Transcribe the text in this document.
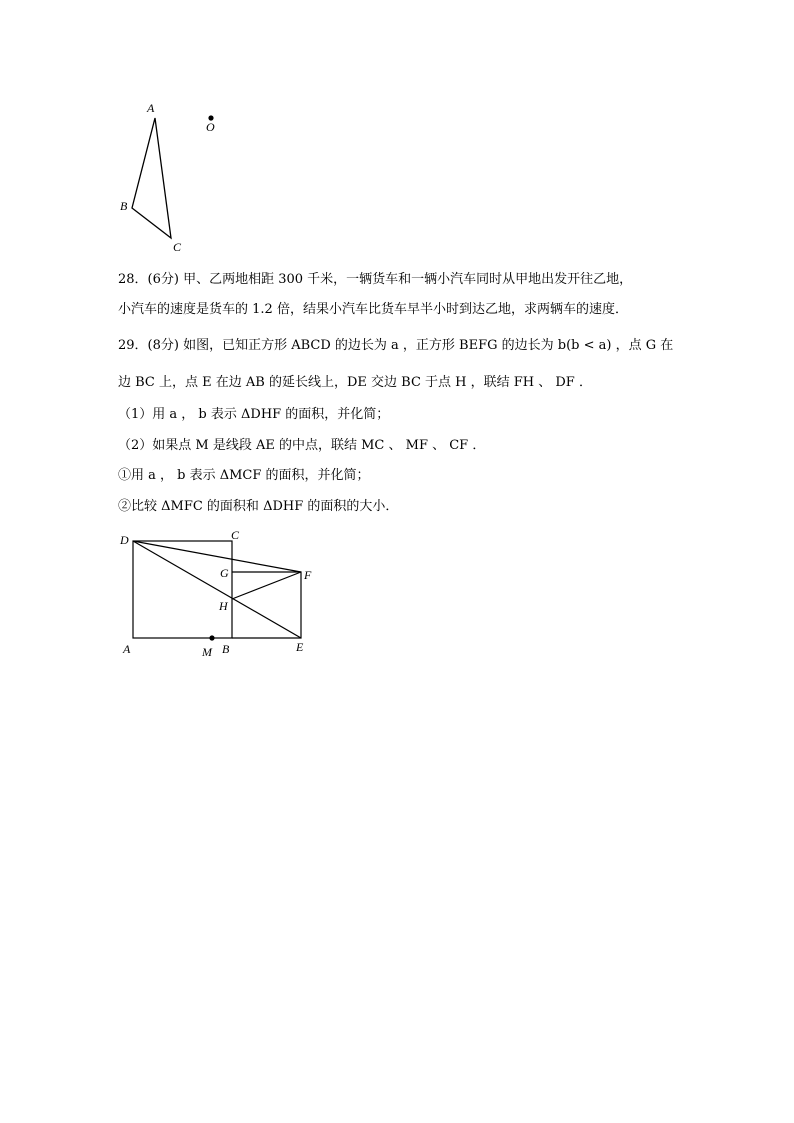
A
O
B
C
28．(6分) 甲、乙两地相距 300 千米，一辆货车和一辆小汽车同时从甲地出发开往乙地，
小汽车的速度是货车的 1.2 倍，结果小汽车比货车早半小时到达乙地，求两辆车的速度．
29．(8分) 如图，已知正方形 ABCD 的边长为 a ，正方形 BEFG 的边长为 b(b < a) ，点 G 在
边 BC 上，点 E 在边 AB 的延长线上，DE 交边 BC 于点 H ，联结 FH 、 DF ．
（1）用 a ， b 表示 ΔDHF 的面积，并化简；
（2）如果点 M 是线段 AE 的中点，联结 MC 、 MF 、 CF ．
①用 a ， b 表示 ΔMCF 的面积，并化简；
②比较 ΔMFC 的面积和 ΔDHF 的面积的大小．
D	C
G	F
H
A	M B	E
